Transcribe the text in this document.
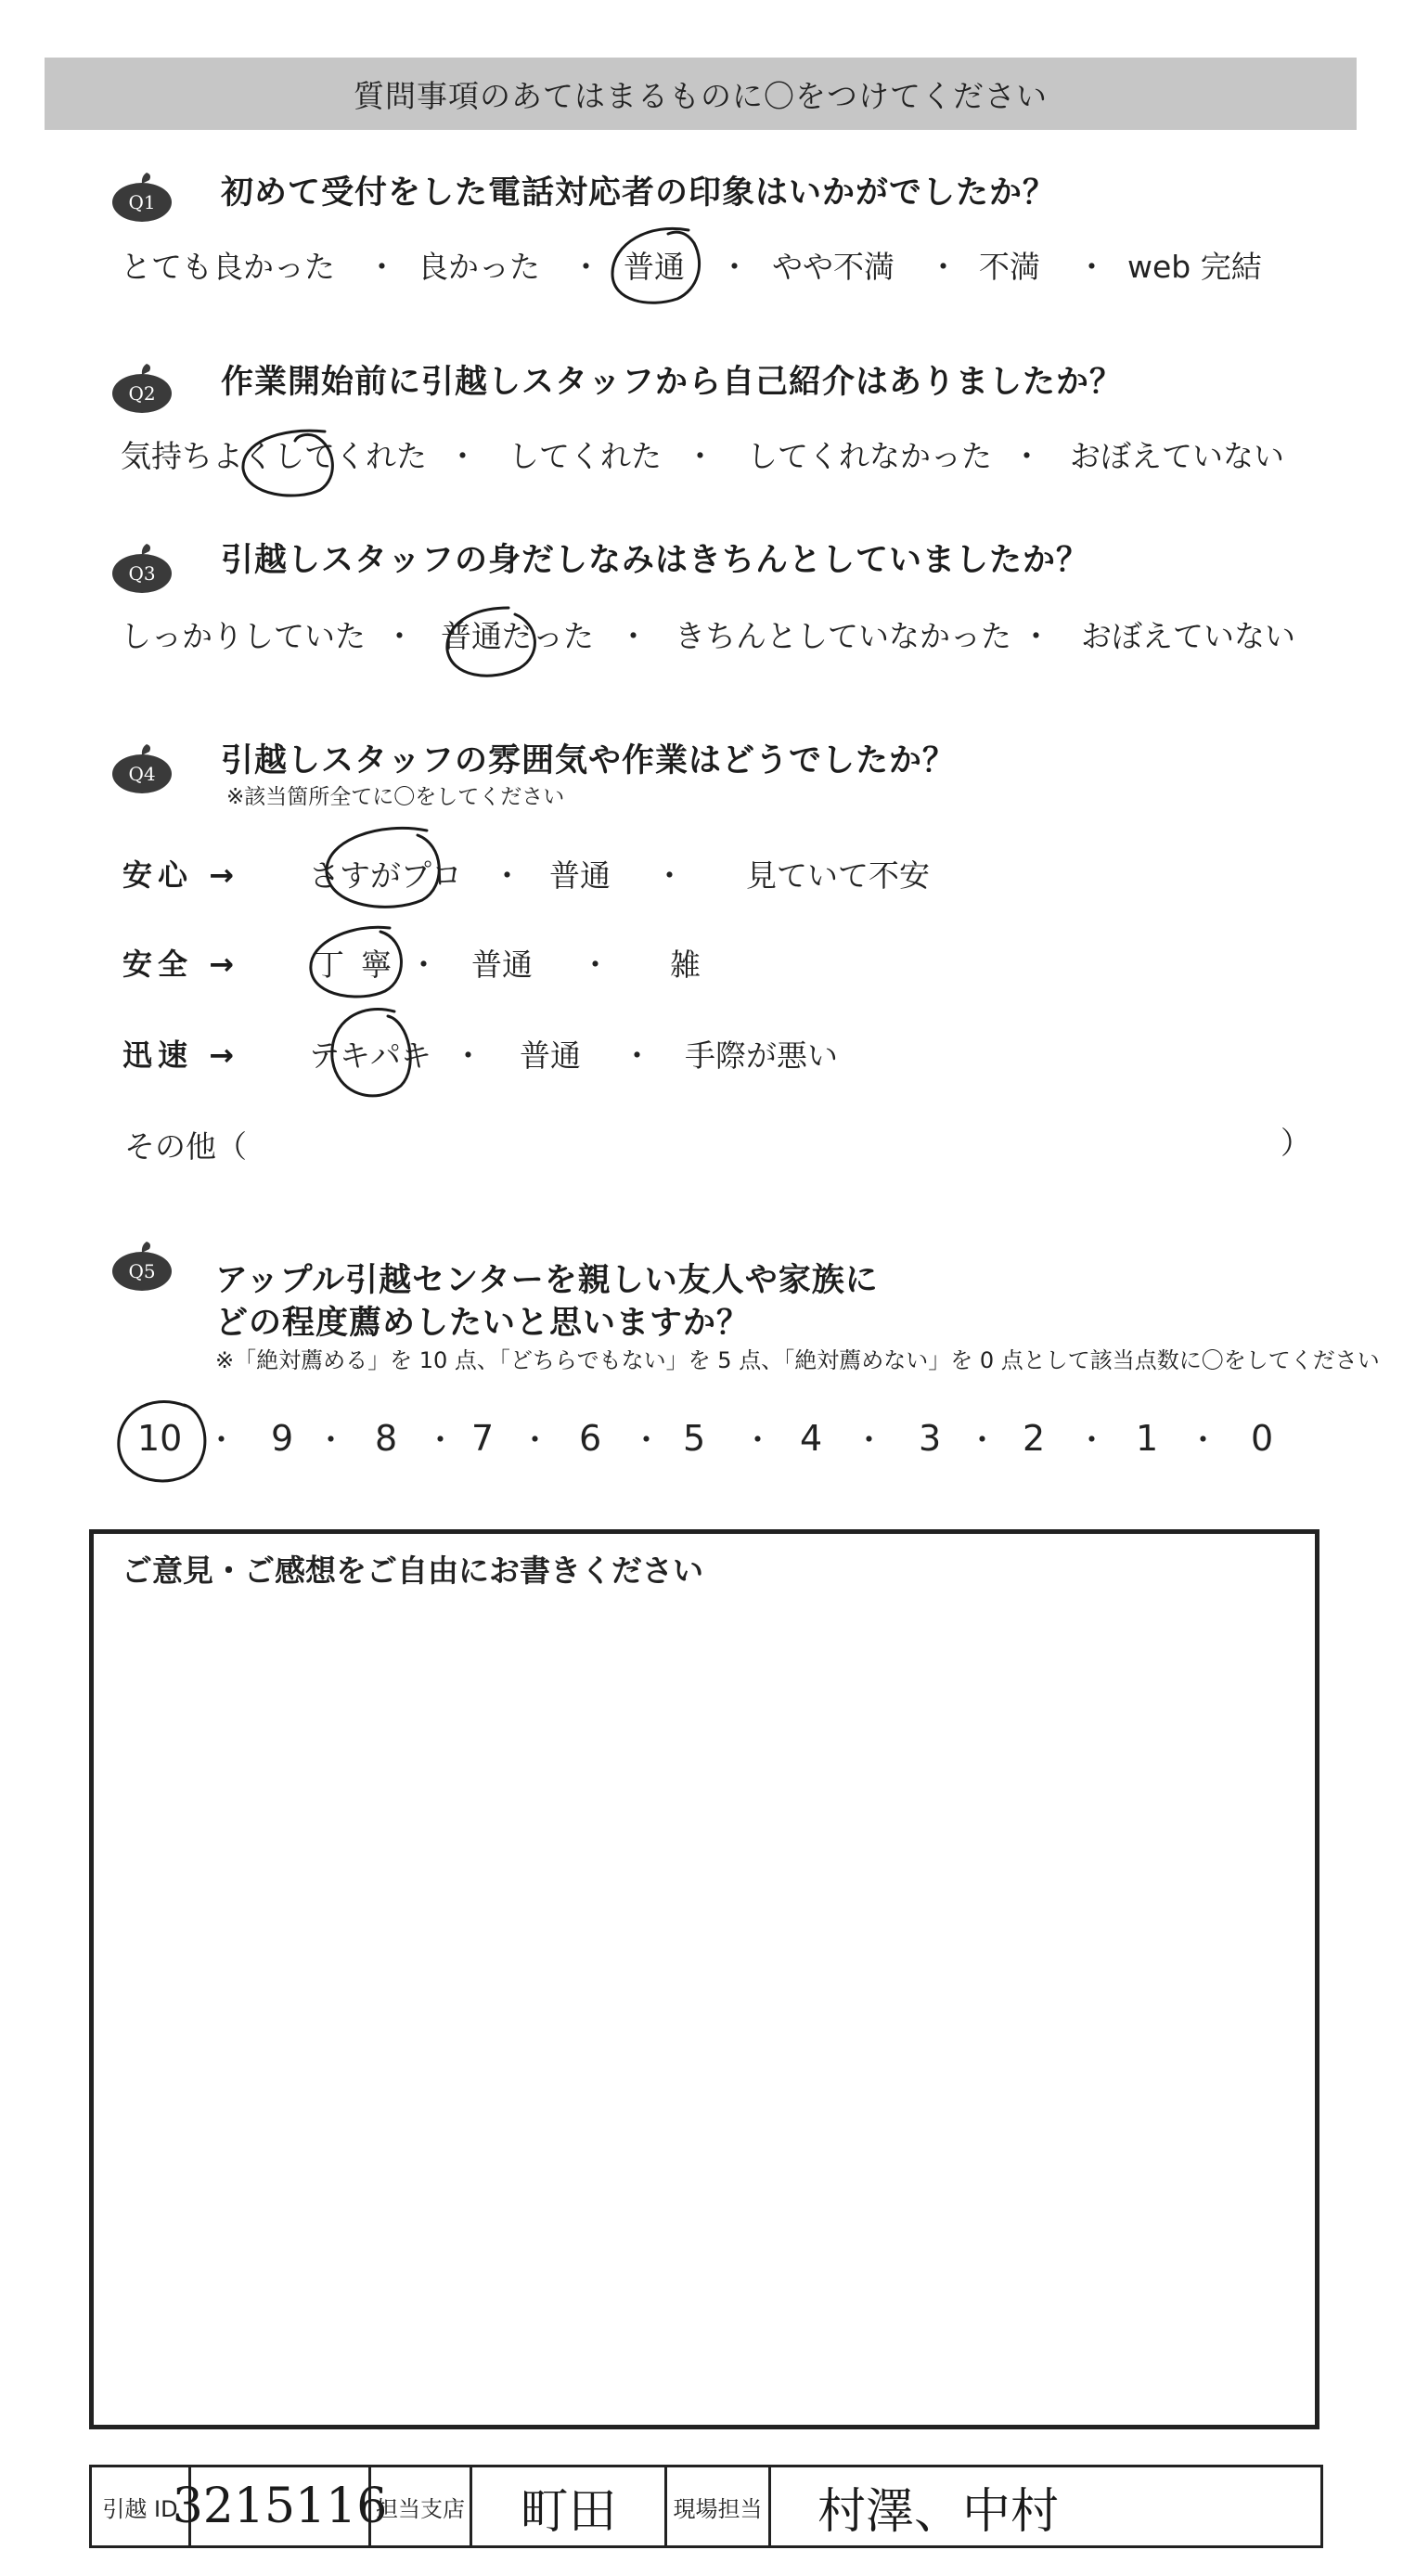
質問事項のあてはまるものに〇をつけてください
Q1
Q2
Q3
Q4
Q5
初めて受付をした電話対応者の印象はいかがでしたか？
とても良かった ・ 良かった ・ 普通 ・ やや不満 ・ 不満 ・ web 完結
作業開始前に引越しスタッフから自己紹介はありましたか？
気持ちよくしてくれた ・ してくれた ・ してくれなかった ・ おぼえていない
引越しスタッフの身だしなみはきちんとしていましたか？
しっかりしていた ・ 普通だった ・ きちんとしていなかった ・ おぼえていない
引越しスタッフの雰囲気や作業はどうでしたか？
※該当箇所全てに〇をしてください
安心 → さすがプロ ・ 普通 ・ 見ていて不安
安全 → 丁寧 ・ 普通 ・ 雑
迅速 → テキパキ ・ 普通 ・ 手際が悪い
その他（	）
アップル引越センターを親しい友人や家族に
どの程度薦めしたいと思いますか？
※「絶対薦める」を 10 点、「どちらでもない」を 5 点、「絶対薦めない」を 0 点として該当点数に〇をしてください
10 ・ 9 ・ 8 ・ 7 ・ 6 ・ 5 ・ 4 ・ 3 ・ 2 ・ 1 ・ 0
ご意見・ご感想をご自由にお書きください
引越 ID
3215116
担当支店 町田	現場担当 村澤、中村
